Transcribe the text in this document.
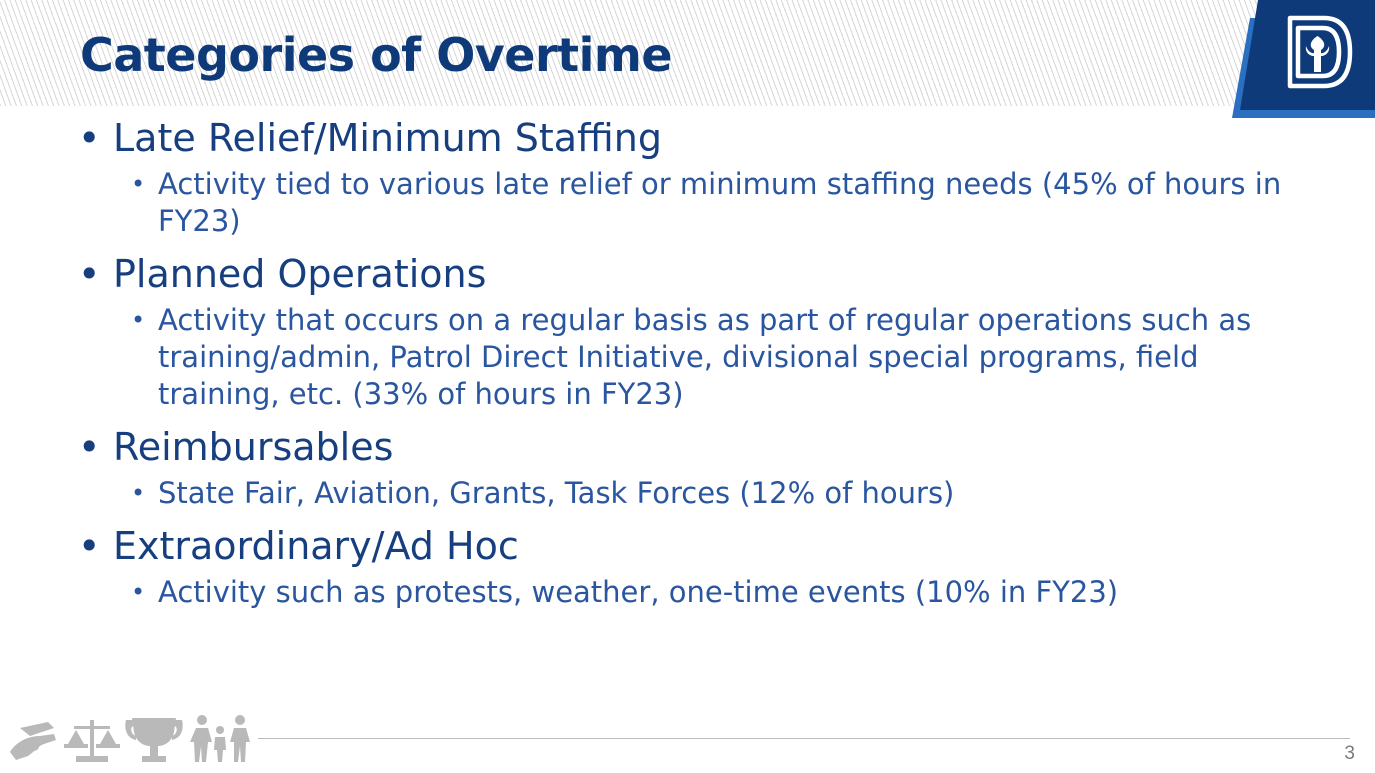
Categories of Overtime
• Late Relief/Minimum Staffing
• Activity tied to various late relief or minimum staffing needs (45% of hours in FY23)
• Planned Operations
• Activity that occurs on a regular basis as part of regular operations such as training/admin, Patrol Direct Initiative, divisional special programs, field training, etc. (33% of hours in FY23)
• Reimbursables
• State Fair, Aviation, Grants, Task Forces (12% of hours)
• Extraordinary/Ad Hoc
• Activity such as protests, weather, one-time events (10% in FY23)
3
